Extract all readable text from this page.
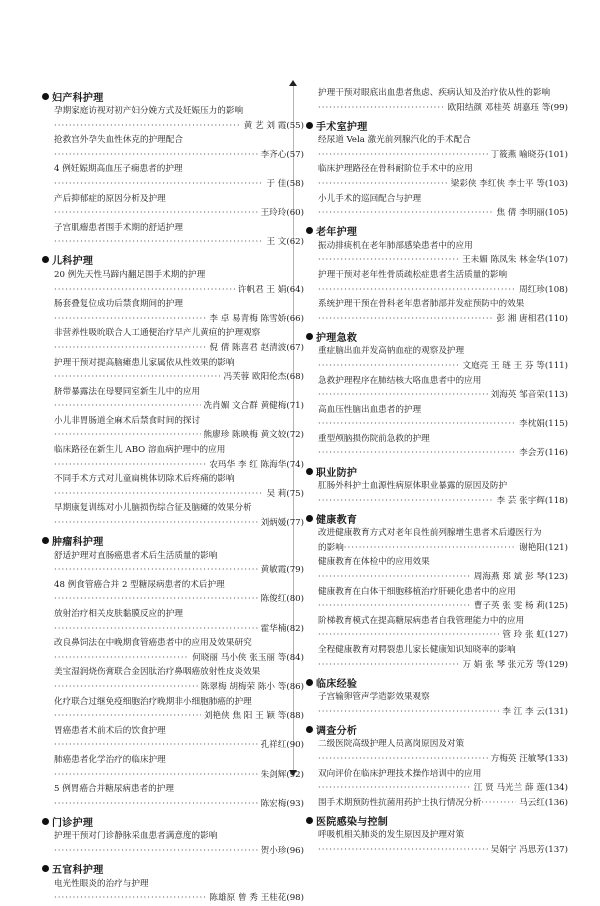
妇产科护理
孕期家庭访视对初产妇分娩方式及妊娠压力的影响
·····
黄 艺 刘 霞(55)
抢救宫外孕失血性休克的护理配合
·····
李齐心(57)
4 例妊娠期高血压子痫患者的护理
·····
于 佳(58)
产后抑郁症的原因分析及护理
·····
王玲玲(60)
子宫肌瘤患者围手术期的舒适护理
·····
王 文(62)
儿科护理
20 例先天性马蹄内翻足围手术期的护理
·····
许帆君 王 娟(64)
肠套叠复位成功后禁食期间的护理
·····
李 卓 易青梅 陈雪娇(66)
非营养性吸吮联合人工通便治疗早产儿黄疸的护理观察
·····
倪 倩 陈喜君 赵清波(67)
护理干预对提高脑瘫患儿家属依从性效果的影响
·····
冯芙蓉 欧阳伦杰(68)
脐带暴露法在母婴同室新生儿中的应用
·····
冼肖媚 文合群 黄健梅(71)
小儿非胃肠道全麻术后禁食时间的探讨
·····
熊廖珍 陈映梅 黄文姣(72)
临床路径在新生儿 ABO 溶血病护理中的应用
·····
农玛华 李 红 陈海华(74)
不同手术方式对儿童扁桃体切除术后疼痛的影响
·····
吴 莉(75)
早期康复训练对小儿脑损伤综合征及脑瘫的效果分析
·····
刘炳媛(77)
肿瘤科护理
舒适护理对直肠癌患者术后生活质量的影响
·····
黄敏霞(79)
48 例食管癌合并 2 型糖尿病患者的术后护理
·····
陈俊红(80)
放射治疗相关皮肤黏膜反应的护理
·····
霍华楠(82)
改良鼻饲法在中晚期食管癌患者中的应用及效果研究
·····
何晓丽 马小侠 张玉丽 等(84)
美宝湿润烧伤膏联合金因肽治疗鼻咽癌放射性皮炎效果
·····
陈翠梅 胡梅荣 陈小 等(86)
化疗联合过继免疫细胞治疗晚期非小细胞肺癌的护理
·····
刘艳侠 焦 阳 王 颖 等(88)
胃癌患者术前术后的饮食护理
·····
孔祥红(90)
肺癌患者化学治疗的临床护理
·····
朱剑辉(92)
5 例胃癌合并糖尿病患者的护理
·····
陈宏梅(93)
门诊护理
护理干预对门诊静脉采血患者满意度的影响
·····
贺小珍(96)
五官科护理
电光性眼炎的治疗与护理
·····
陈雄原 曾 秀 王桂花(98)
护理干预对眼底出血患者焦虑、疾病认知及治疗依从性的影响
·····
欧阳结颜 邓桂英 胡嘉珏 等(99)
手术室护理
经尿道 Vela 激光前列腺汽化的手术配合
·····
丁筱燕 喻晓芬(101)
临床护理路径在骨科耐阶位手术中的应用
·····
梁彩侠 李红侠 李士平 等(103)
小儿手术的巡回配合与护理
·····
焦 倩 李明丽(105)
老年护理
振动排痰机在老年肺部感染患者中的应用
·····
王未媚 陈凤朱 林金华(107)
护理干预对老年性骨质疏松症患者生活质量的影响
·····
周红珍(108)
系统护理干预在骨科老年患者肺部并发症预防中的效果
·····
彭 湘 唐相君(110)
护理急救
重症脑出血并发高钠血症的观察及护理
·····
文庭亮 王 琏 王 芬 等(111)
急救护理程序在肺结核大咯血患者中的应用
·····
刘海英 邹音荣(113)
高血压性脑出血患者的护理
·····
李枕娟(115)
重型颅脑损伤院前急救的护理
·····
李会芳(116)
职业防护
肛肠外科护士血源性病原体职业暴露的原因及防护
·····
李 芸 张宇辉(118)
健康教育
改进健康教育方式对老年良性前列腺增生患者术后遵医行为
的影响 ·····	谢艳阳(121)
健康教育在体检中的应用效果
·····
周海燕 郑 斌 彭 琴(123)
健康教育在白体干细胞移植治疗肝硬化患者中的应用
·····
曹子英 张 雯 杨 莉(125)
阶梯教育模式在提高糖尿病患者自我管理能力中的应用
·····
管 玲 张 虹(127)
全程健康教育对腭裂患儿家长健康知识知晓率的影响
·····
万 娟 张 琴 张元芳 等(129)
临床经验
子宫输卵管声学造影效果观察
·····
李 江 李 云(131)
调查分析
二级医院高级护理人员离岗原因及对策
·····
方梅英 汪敏琴(133)
双向评价在临床护理技术操作培训中的应用
·····
江 贤 马光兰 薛 莲(134)
围手术期预防性抗菌用药护士执行情况分析 ·····	马云红(136)
医院感染与控制
呼吸机相关肺炎的发生原因及护理对策
·····
吴娟宁 冯思芳(137)
